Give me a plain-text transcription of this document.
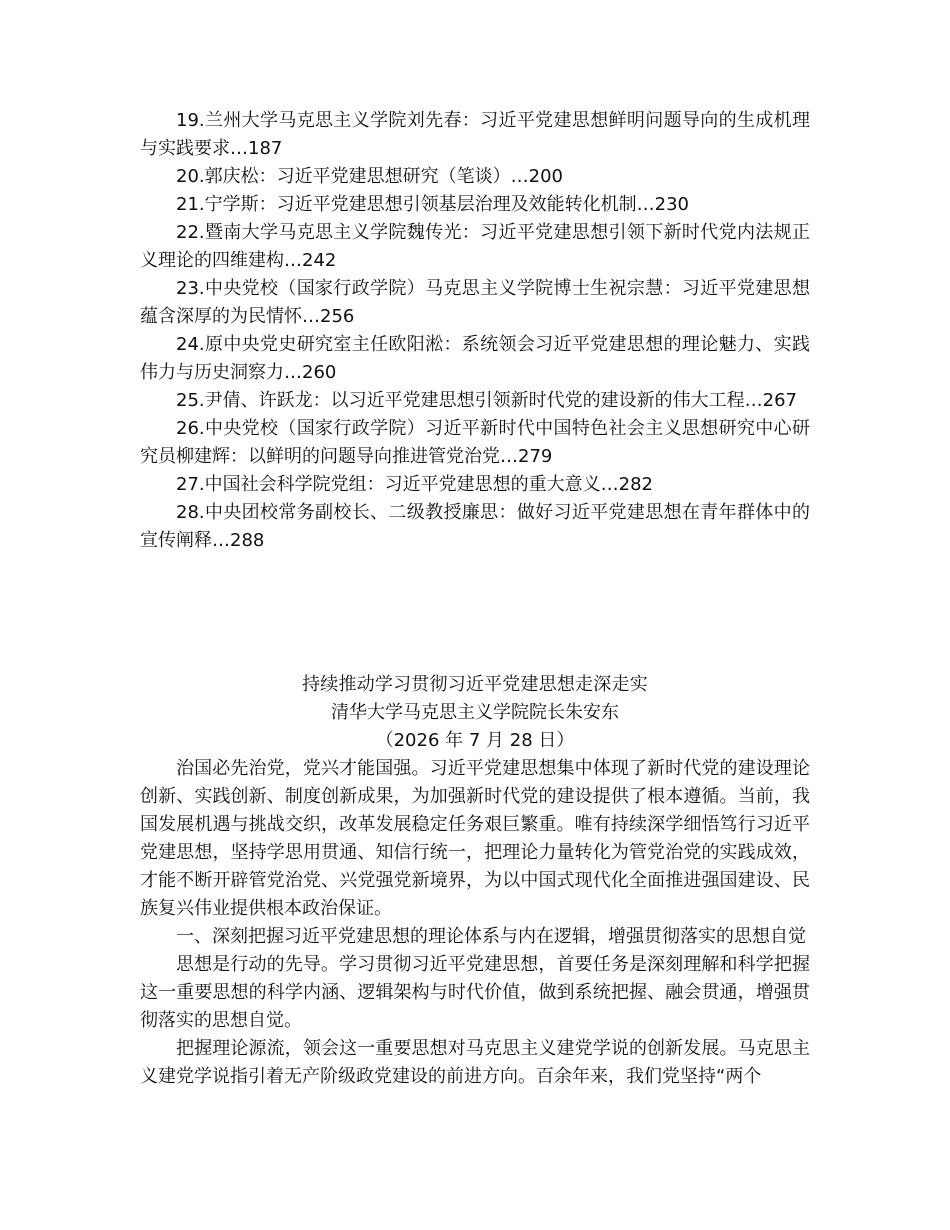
19.兰州大学马克思主义学院刘先春：习近平党建思想鲜明问题导向的生成机理与实践要求…187

20.郭庆松：习近平党建思想研究（笔谈）…200

21.宁学斯：习近平党建思想引领基层治理及效能转化机制…230

22.暨南大学马克思主义学院魏传光：习近平党建思想引领下新时代党内法规正义理论的四维建构…242

23.中央党校（国家行政学院）马克思主义学院博士生祝宗慧：习近平党建思想蕴含深厚的为民情怀…256

24.原中央党史研究室主任欧阳淞：系统领会习近平党建思想的理论魅力、实践伟力与历史洞察力…260

25.尹倩、许跃龙：以习近平党建思想引领新时代党的建设新的伟大工程…267

26.中央党校（国家行政学院）习近平新时代中国特色社会主义思想研究中心研究员柳建辉：以鲜明的问题导向推进管党治党…279

27.中国社会科学院党组：习近平党建思想的重大意义…282

28.中央团校常务副校长、二级教授廉思：做好习近平党建思想在青年群体中的宣传阐释…288

持续推动学习贯彻习近平党建思想走深走实

清华大学马克思主义学院院长朱安东

（2026 年 7 月 28 日）

治国必先治党，党兴才能国强。习近平党建思想集中体现了新时代党的建设理论创新、实践创新、制度创新成果，为加强新时代党的建设提供了根本遵循。当前，我国发展机遇与挑战交织，改革发展稳定任务艰巨繁重。唯有持续深学细悟笃行习近平党建思想，坚持学思用贯通、知信行统一，把理论力量转化为管党治党的实践成效，才能不断开辟管党治党、兴党强党新境界，为以中国式现代化全面推进强国建设、民族复兴伟业提供根本政治保证。

一、深刻把握习近平党建思想的理论体系与内在逻辑，增强贯彻落实的思想自觉

思想是行动的先导。学习贯彻习近平党建思想，首要任务是深刻理解和科学把握这一重要思想的科学内涵、逻辑架构与时代价值，做到系统把握、融会贯通，增强贯彻落实的思想自觉。

把握理论源流，领会这一重要思想对马克思主义建党学说的创新发展。马克思主义建党学说指引着无产阶级政党建设的前进方向。百余年来，我们党坚持“两个
